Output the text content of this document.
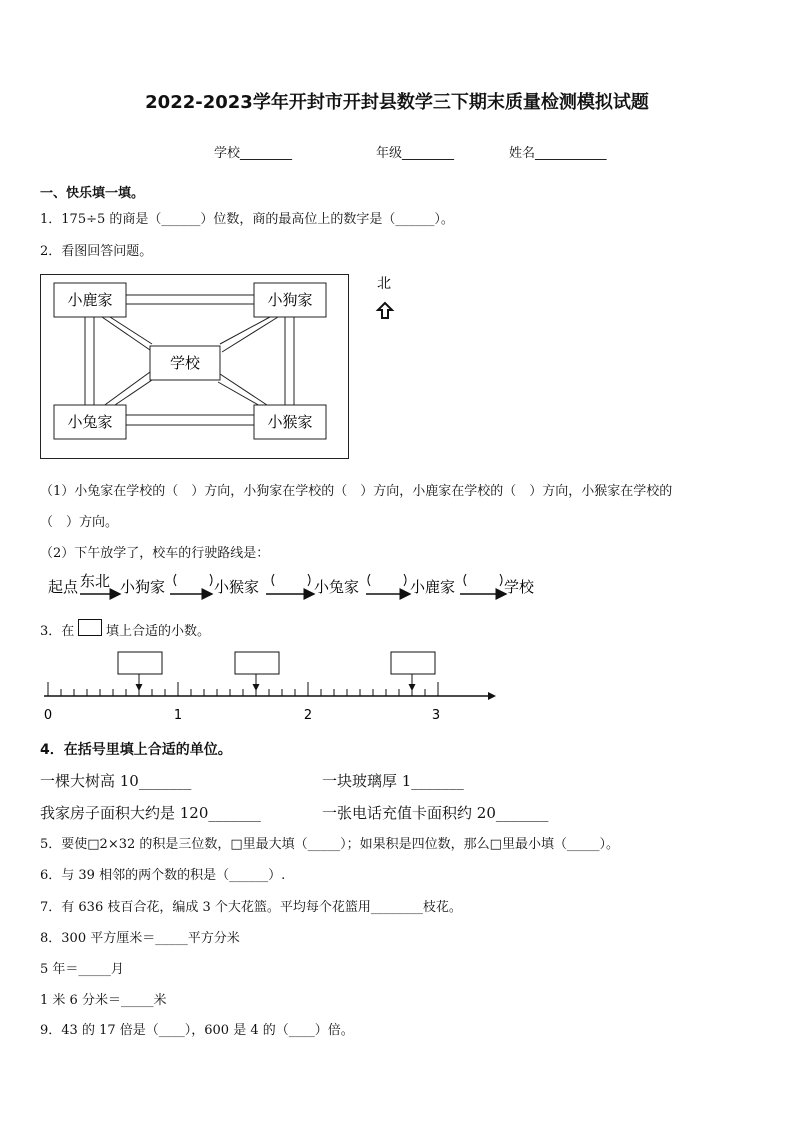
2022-2023学年开封市开封县数学三下期末质量检测模拟试题
学校________	年级________	姓名___________
一、快乐填一填。
1．175÷5 的商是（______）位数，商的最高位上的数字是（______）。
2．看图回答问题。
小鹿家	小狗家
学校
小兔家	小猴家
北
（1）小兔家在学校的（　）方向，小狗家在学校的（　）方向，小鹿家在学校的（　）方向，小猴家在学校的
（　）方向。
（2）下午放学了，校车的行驶路线是：
起点 东北 小狗家	小猴家	小兔家	小鹿家	学校
3．在 填上合适的小数。
0	1	2	3
4．在括号里填上合适的单位。
一棵大树高 10_______	一块玻璃厚 1_______
我家房子面积大约是 120_______	一张电话充值卡面积约 20_______
5．要使□2×32 的积是三位数，□里最大填（_____）；如果积是四位数，那么□里最小填（_____）。
6．与 39 相邻的两个数的积是（______）.
7．有 636 枝百合花，编成 3 个大花篮。平均每个花篮用________枝花。
8．300 平方厘米＝_____平方分米
5 年＝_____月
1 米 6 分米＝_____米
9．43 的 17 倍是（____），600 是 4 的（____）倍。
